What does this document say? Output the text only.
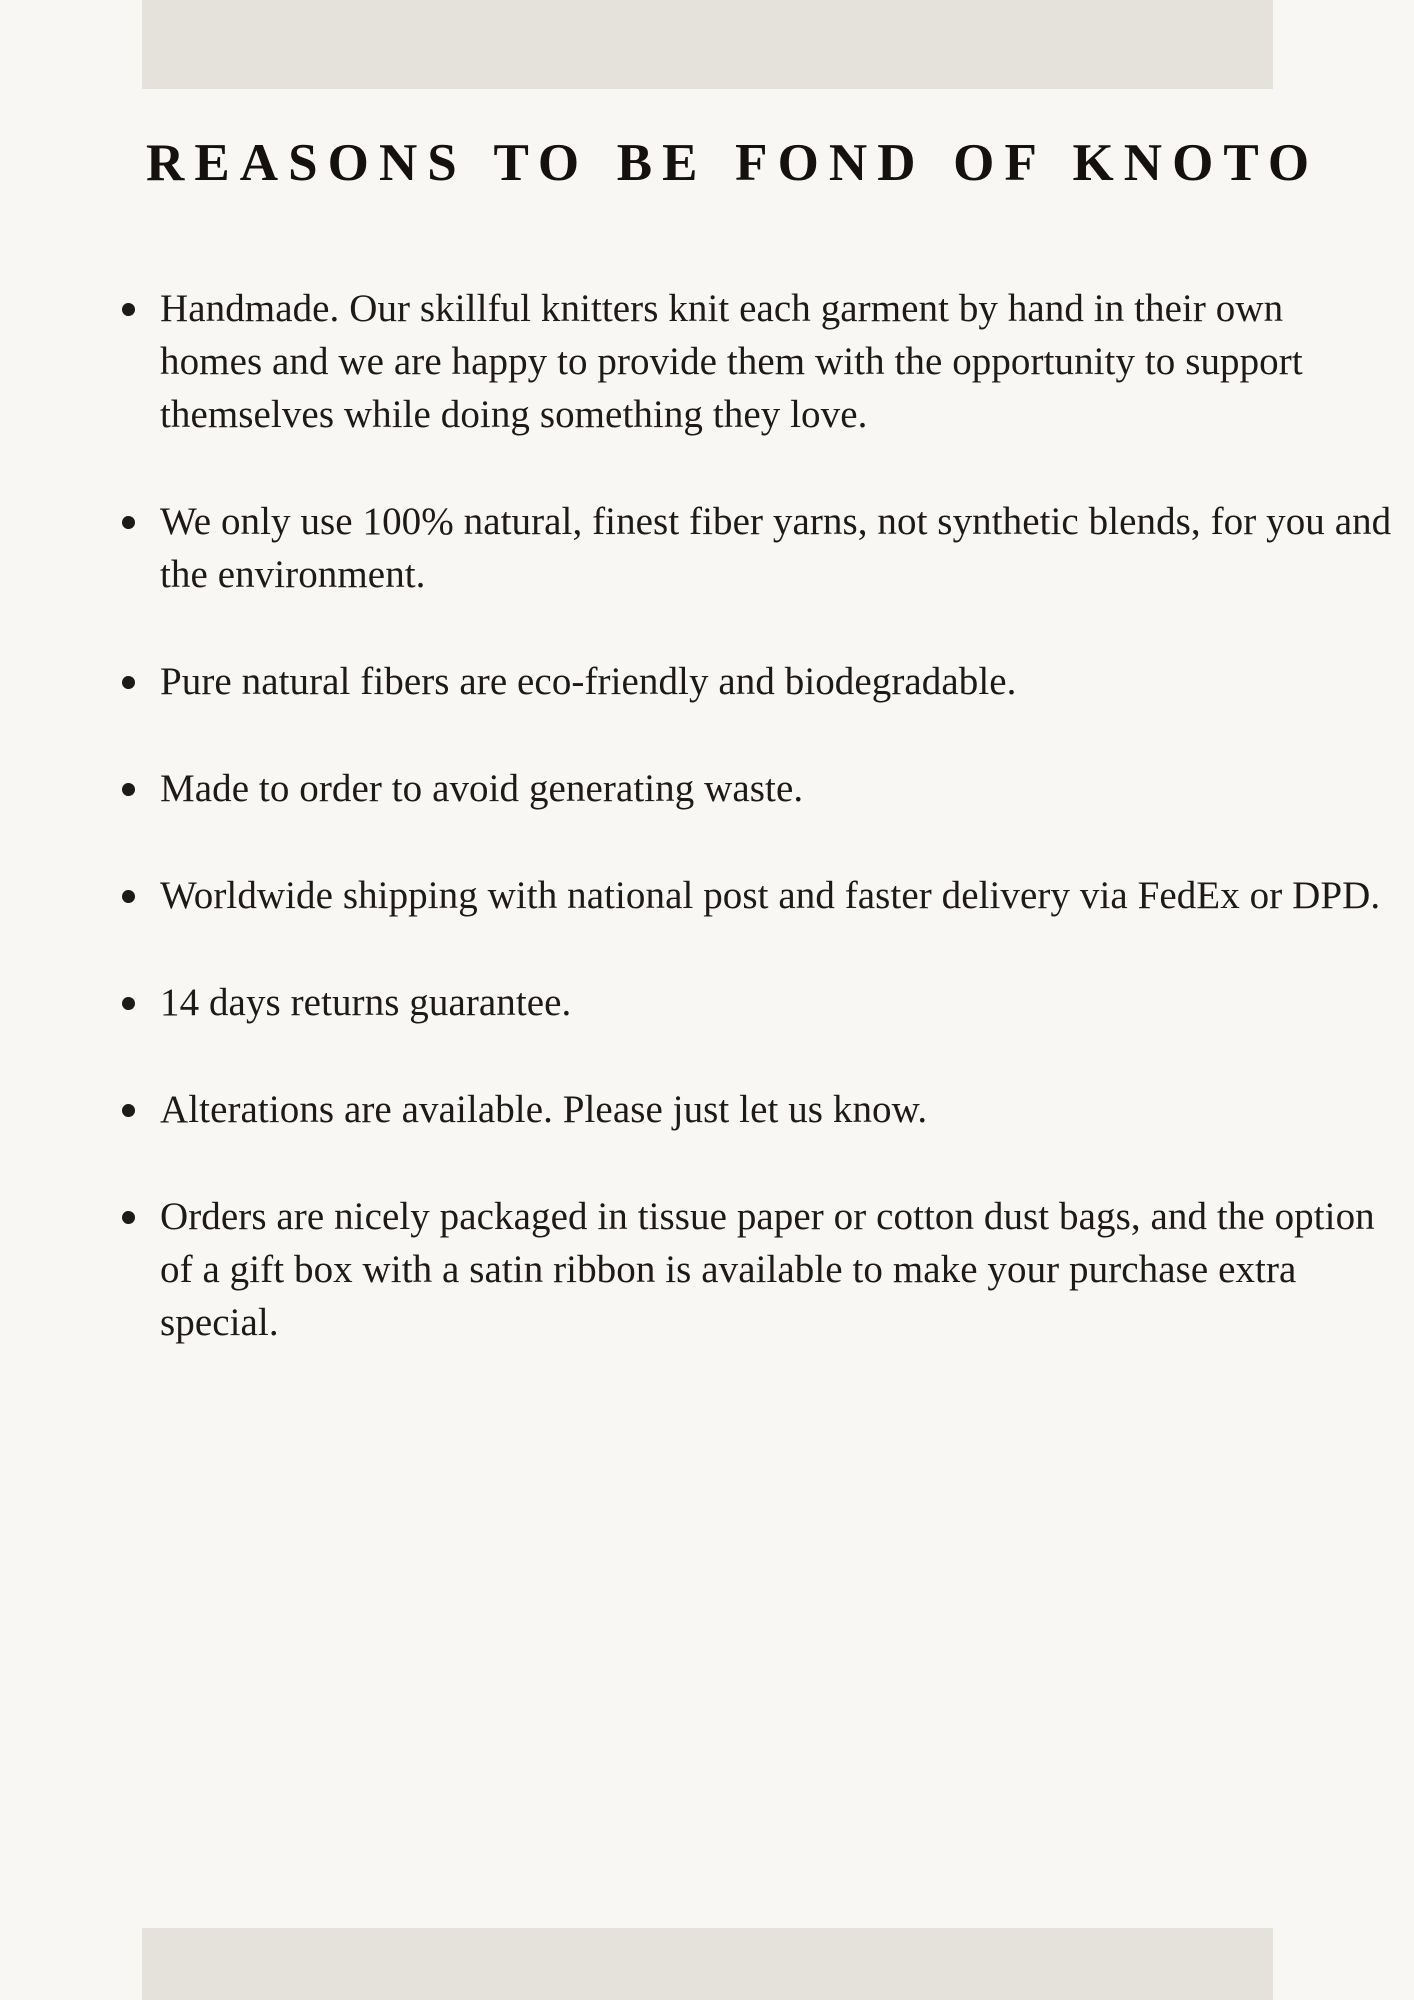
REASONS TO BE FOND OF KNOTO
Handmade. Our skillful knitters knit each garment by hand in their own homes and we are happy to provide them with the opportunity to support themselves while doing something they love.
We only use 100% natural, finest fiber yarns, not synthetic blends, for you and the environment.
Pure natural fibers are eco-friendly and biodegradable.
Made to order to avoid generating waste.
Worldwide shipping with national post and faster delivery via FedEx or DPD.
14 days returns guarantee.
Alterations are available. Please just let us know.
Orders are nicely packaged in tissue paper or cotton dust bags, and the option of a gift box with a satin ribbon is available to make your purchase extra special.
